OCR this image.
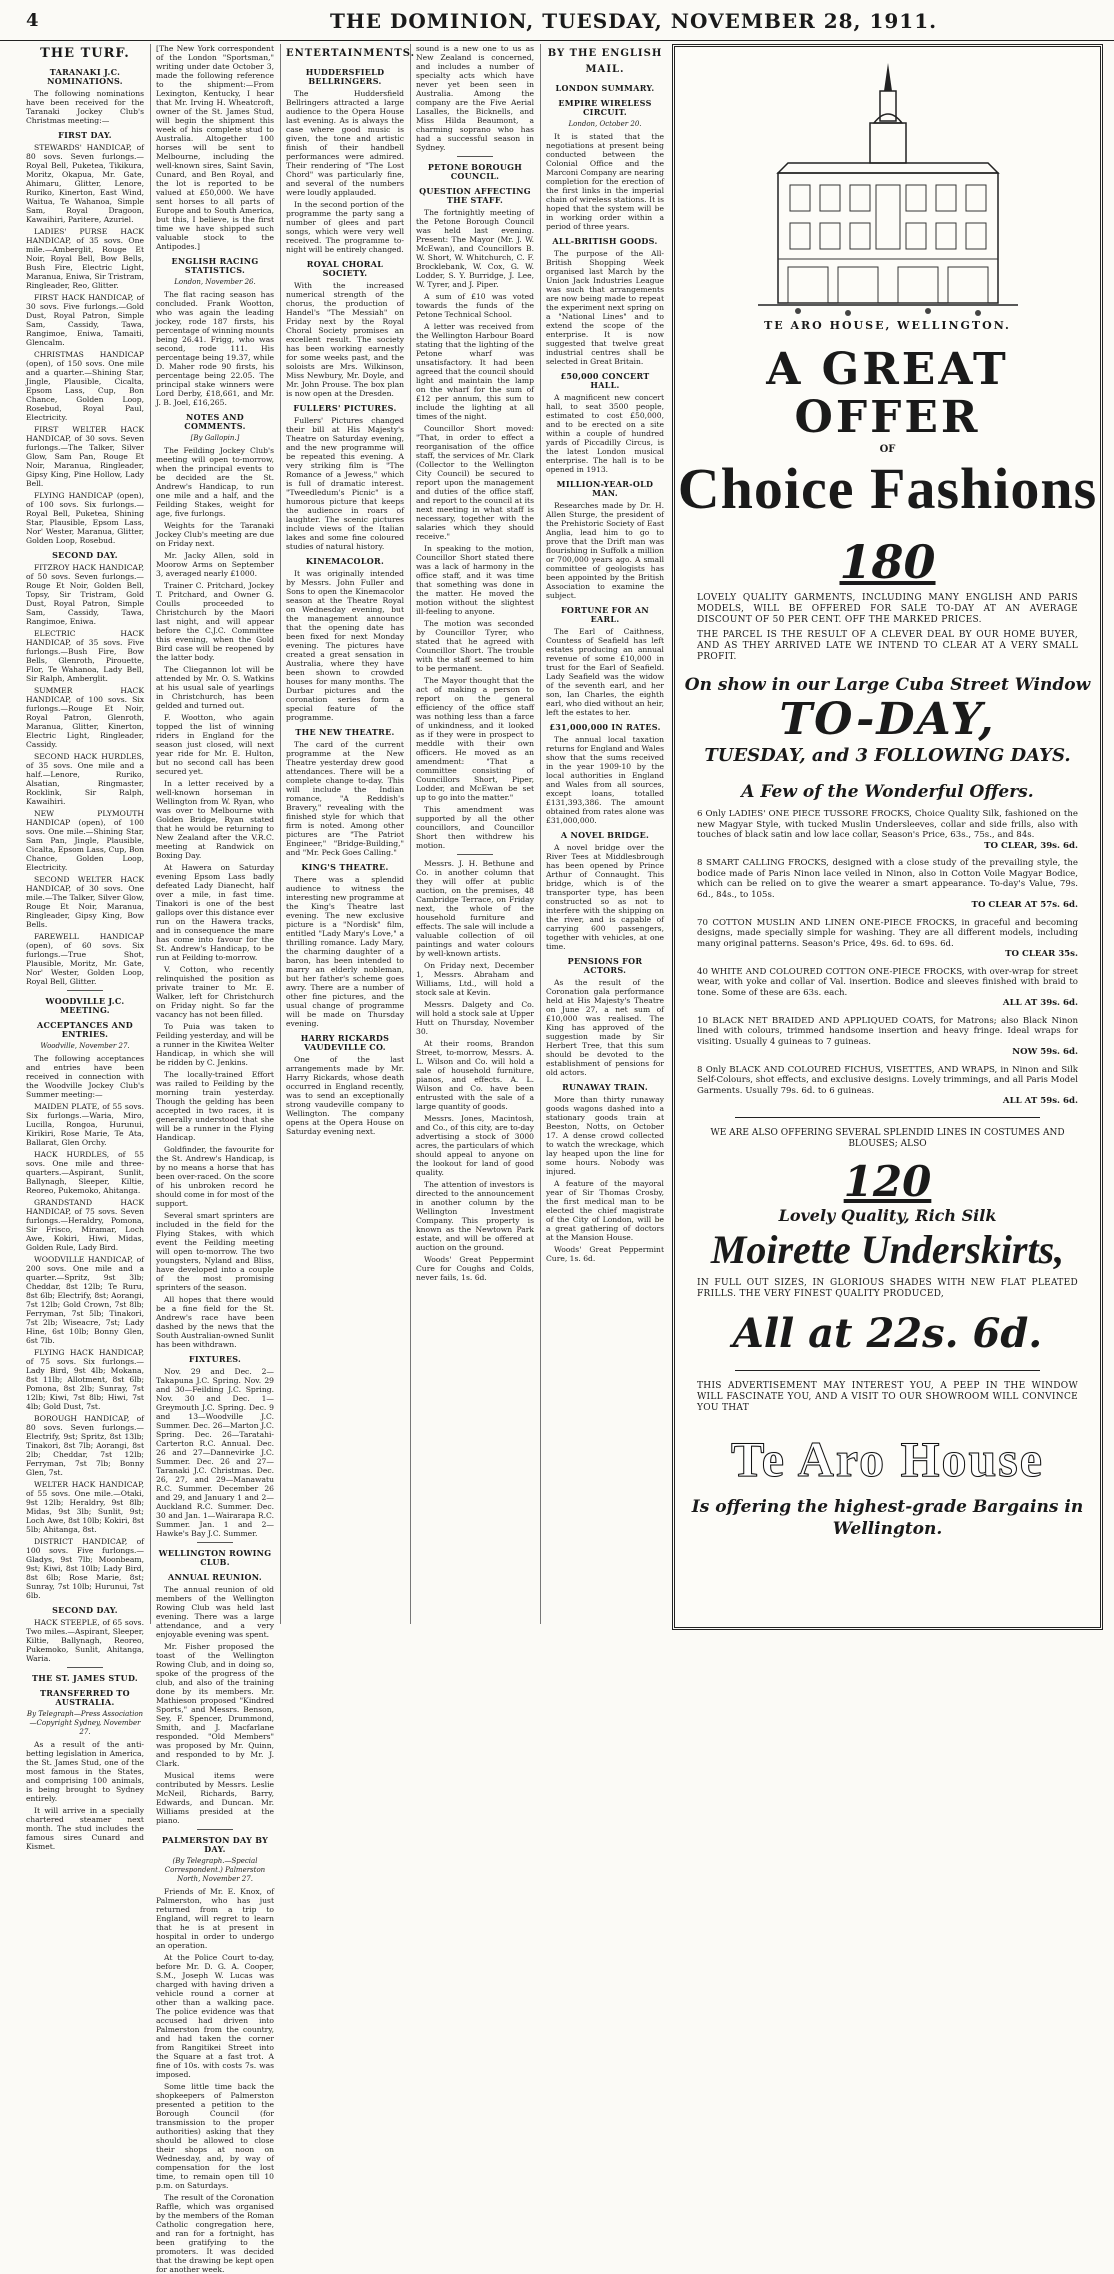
4	THE DOMINION, TUESDAY, NOVEMBER 28, 1911.
THE TURF.
TARANAKI J.C. NOMINATIONS.

The following nominations have been received for the Taranaki Jockey Club's Christmas meeting:—

FIRST DAY.

STEWARDS' HANDICAP, of 80 sovs. Seven furlongs.—Royal Bell, Puketea, Tikikura, Moritz, Okapua, Mr. Gate, Ahimaru, Glitter, Lenore, Ruriko, Kinerton, East Wind, Waitua, Te Wahanoa, Simple Sam, Royal Dragoon, Kawaihiri, Paritere, Azuriel.

LADIES' PURSE HACK HANDICAP, of 35 sovs. One mile.—Amberglit, Rouge Et Noir, Royal Bell, Bow Bells, Bush Fire, Electric Light, Maranua, Eniwa, Sir Tristram, Ringleader, Reo, Glitter.

FIRST HACK HANDICAP, of 30 sovs. Five furlongs.—Gold Dust, Royal Patron, Simple Sam, Cassidy, Tawa, Rangimoe, Eniwa, Tamaiti, Glencalm.

CHRISTMAS HANDICAP (open), of 150 sovs. One mile and a quarter.—Shining Star, Jingle, Plausible, Cicalta, Epsom Lass, Cup, Bon Chance, Golden Loop, Rosebud, Royal Paul, Electricity.

FIRST WELTER HACK HANDICAP, of 30 sovs. Seven furlongs.—The Talker, Silver Glow, Sam Pan, Rouge Et Noir, Maranua, Ringleader, Gipsy King, Pine Hollow, Lady Bell.

FLYING HANDICAP (open), of 100 sovs. Six furlongs.—Royal Bell, Puketea, Shining Star, Plausible, Epsom Lass, Nor' Wester, Maranua, Glitter, Golden Loop, Rosebud.

SECOND DAY.

FITZROY HACK HANDICAP, of 50 sovs. Seven furlongs.—Rouge Et Noir, Golden Bell, Topsy, Sir Tristram, Gold Dust, Royal Patron, Simple Sam, Cassidy, Tawa, Rangimoe, Eniwa.

ELECTRIC HACK HANDICAP, of 35 sovs. Five furlongs.—Bush Fire, Bow Bells, Glenroth, Pirouette, Flor, Te Wahanoa, Lady Bell, Sir Ralph, Amberglit.

SUMMER HACK HANDICAP, of 100 sovs. Six furlongs.—Rouge Et Noir, Royal Patron, Glenroth, Maranua, Glitter, Kinerton, Electric Light, Ringleader, Cassidy.

SECOND HACK HURDLES, of 35 sovs. One mile and a half.—Lenore, Ruriko, Alsatian, Ringmaster, Rocklink, Sir Ralph, Kawaihiri.

NEW PLYMOUTH HANDICAP (open), of 100 sovs. One mile.—Shining Star, Sam Pan, Jingle, Plausible, Cicalta, Epsom Lass, Cup, Bon Chance, Golden Loop, Electricity.

SECOND WELTER HACK HANDICAP, of 30 sovs. One mile.—The Talker, Silver Glow, Rouge Et Noir, Maranua, Ringleader, Gipsy King, Bow Bells.

FAREWELL HANDICAP (open), of 60 sovs. Six furlongs.—True Shot, Plausible, Moritz, Mr. Gate, Nor' Wester, Golden Loop, Royal Bell, Glitter.

WOODVILLE J.C. MEETING.
ACCEPTANCES AND ENTRIES.
Woodville, November 27.

The following acceptances and entries have been received in connection with the Woodville Jockey Club's Summer meeting:—

MAIDEN PLATE, of 55 sovs. Six furlongs.—Waria, Miro, Lucilla, Rongoa, Hurunui, Kirikiri, Rose Marie, Te Ata, Ballarat, Glen Orchy.

HACK HURDLES, of 55 sovs. One mile and three-quarters.—Aspirant, Sunlit, Ballynagh, Sleeper, Kiltie, Reoreo, Pukemoko, Ahitanga.

GRANDSTAND HACK HANDICAP, of 75 sovs. Seven furlongs.—Heraldry, Pomona, Sir Frisco, Miramar, Loch Awe, Kokiri, Hiwi, Midas, Golden Rule, Lady Bird.

WOODVILLE HANDICAP, of 200 sovs. One mile and a quarter.—Spritz, 9st 3lb; Cheddar, 8st 12lb; Te Ruru, 8st 6lb; Electrify, 8st; Aorangi, 7st 12lb; Gold Crown, 7st 8lb; Ferryman, 7st 5lb; Tinakori, 7st 2lb; Wiseacre, 7st; Lady Hine, 6st 10lb; Bonny Glen, 6st 7lb.

FLYING HACK HANDICAP, of 75 sovs. Six furlongs.—Lady Bird, 9st 4lb; Mokana, 8st 11lb; Allotment, 8st 6lb; Pomona, 8st 2lb; Sunray, 7st 12lb; Kiwi, 7st 8lb; Hiwi, 7st 4lb; Gold Dust, 7st.

BOROUGH HANDICAP, of 80 sovs. Seven furlongs.—Electrify, 9st; Spritz, 8st 13lb; Tinakori, 8st 7lb; Aorangi, 8st 2lb; Cheddar, 7st 12lb; Ferryman, 7st 7lb; Bonny Glen, 7st.

WELTER HACK HANDICAP, of 55 sovs. One mile.—Otaki, 9st 12lb; Heraldry, 9st 8lb; Midas, 9st 3lb; Sunlit, 9st; Loch Awe, 8st 10lb; Kokiri, 8st 5lb; Ahitanga, 8st.

DISTRICT HANDICAP, of 100 sovs. Five furlongs.—Gladys, 9st 7lb; Moonbeam, 9st; Kiwi, 8st 10lb; Lady Bird, 8st 6lb; Rose Marie, 8st; Sunray, 7st 10lb; Hurunui, 7st 6lb.

SECOND DAY.

HACK STEEPLE, of 65 sovs. Two miles.—Aspirant, Sleeper, Kiltie, Ballynagh, Reoreo, Pukemoko, Sunlit, Ahitanga, Waria.

THE ST. JAMES STUD.
TRANSFERRED TO AUSTRALIA.
By Telegraph—Press Association—Copyright Sydney, November 27.

As a result of the anti-betting legislation in America, the St. James Stud, one of the most famous in the States, and comprising 100 animals, is being brought to Sydney entirely.

It will arrive in a specially chartered steamer next month. The stud includes the famous sires Cunard and Kismet.

[The New York correspondent of the London "Sportsman," writing under date October 3, made the following reference to the shipment:—From Lexington, Kentucky, I hear that Mr. Irving H. Wheatcroft, owner of the St. James Stud, will begin the shipment this week of his complete stud to Australia. Altogether 100 horses will be sent to Melbourne, including the well-known sires, Saint Savin, Cunard, and Ben Royal, and the lot is reported to be valued at £50,000. We have sent horses to all parts of Europe and to South America, but this, I believe, is the first time we have shipped such valuable stock to the Antipodes.]

ENGLISH RACING STATISTICS.
London, November 26.

The flat racing season has concluded. Frank Wootton, who was again the leading jockey, rode 187 firsts, his percentage of winning mounts being 26.41. Frigg, who was second, rode 111. His percentage being 19.37, while D. Maher rode 90 firsts, his percentage being 22.05. The principal stake winners were Lord Derby, £18,661, and Mr. J. B. Joel, £16,265.

NOTES AND COMMENTS.
[By Gallopin.]

The Feilding Jockey Club's meeting will open to-morrow, when the principal events to be decided are the St. Andrew's Handicap, to run one mile and a half, and the Feilding Stakes, weight for age, five furlongs.

Weights for the Taranaki Jockey Club's meeting are due on Friday next.

Mr. Jacky Allen, sold in Moorow Arms on September 3, averaged nearly £1000.

Trainer C. Pritchard, Jockey T. Pritchard, and Owner G. Coulls proceeded to Christchurch by the Maori last night, and will appear before the C.J.C. Committee this evening, when the Gold Bird case will be reopened by the latter body.

The Cliegannon lot will be attended by Mr. O. S. Watkins at his usual sale of yearlings in Christchurch, has been gelded and turned out.

F. Wootton, who again topped the list of winning riders in England for the season just closed, will next year ride for Mr. E. Hulton, but no second call has been secured yet.

In a letter received by a well-known horseman in Wellington from W. Ryan, who was over to Melbourne with Golden Bridge, Ryan stated that he would be returning to New Zealand after the V.R.C. meeting at Randwick on Boxing Day.

At Hawera on Saturday evening Epsom Lass badly defeated Lady Dianecht, half over a mile, in fast time. Tinakori is one of the best gallops over this distance ever run on the Hawera tracks, and in consequence the mare has come into favour for the St. Andrew's Handicap, to be run at Feilding to-morrow.

V. Cotton, who recently relinquished the position as private trainer to Mr. E. Walker, left for Christchurch on Friday night. So far the vacancy has not been filled.

To Puia was taken to Feilding yesterday, and will be a runner in the Kiwitea Welter Handicap, in which she will be ridden by C. Jenkins.

The locally-trained Effort was railed to Feilding by the morning train yesterday. Though the gelding has been accepted in two races, it is generally understood that she will be a runner in the Flying Handicap.

Goldfinder, the favourite for the St. Andrew's Handicap, is by no means a horse that has been over-raced. On the score of his unbroken record he should come in for most of the support.

Several smart sprinters are included in the field for the Flying Stakes, with which event the Feilding meeting will open to-morrow. The two youngsters, Nyland and Bliss, have developed into a couple of the most promising sprinters of the season.

All hopes that there would be a fine field for the St. Andrew's race have been dashed by the news that the South Australian-owned Sunlit has been withdrawn.

FIXTURES.

Nov. 29 and Dec. 2—Takapuna J.C. Spring. Nov. 29 and 30—Feilding J.C. Spring. Nov. 30 and Dec. 1—Greymouth J.C. Spring. Dec. 9 and 13—Woodville J.C. Summer. Dec. 26—Marton J.C. Spring. Dec. 26—Taratahi-Carterton R.C. Annual. Dec. 26 and 27—Dannevirke J.C. Summer. Dec. 26 and 27—Taranaki J.C. Christmas. Dec. 26, 27, and 29—Manawatu R.C. Summer. December 26 and 29, and January 1 and 2—Auckland R.C. Summer. Dec. 30 and Jan. 1—Wairarapa R.C. Summer. Jan. 1 and 2—Hawke's Bay J.C. Summer.

WELLINGTON ROWING CLUB.
ANNUAL REUNION.

The annual reunion of old members of the Wellington Rowing Club was held last evening. There was a large attendance, and a very enjoyable evening was spent.

Mr. Fisher proposed the toast of the Wellington Rowing Club, and in doing so, spoke of the progress of the club, and also of the training done by its members. Mr. Mathieson proposed "Kindred Sports," and Messrs. Benson, Sey, F. Spencer, Drummond, Smith, and J. Macfarlane responded. "Old Members" was proposed by Mr. Quinn, and responded to by Mr. J. Clark.

Musical items were contributed by Messrs. Leslie McNeil, Richards, Barry, Edwards, and Duncan. Mr. Williams presided at the piano.

PALMERSTON DAY BY DAY.
(By Telegraph.—Special Correspondent.) Palmerston North, November 27.

Friends of Mr. E. Knox, of Palmerston, who has just returned from a trip to England, will regret to learn that he is at present in hospital in order to undergo an operation.

At the Police Court to-day, before Mr. D. G. A. Cooper, S.M., Joseph W. Lucas was charged with having driven a vehicle round a corner at other than a walking pace. The police evidence was that accused had driven into Palmerston from the country, and had taken the corner from Rangitikei Street into the Square at a fast trot. A fine of 10s. with costs 7s. was imposed.

Some little time back the shopkeepers of Palmerston presented a petition to the Borough Council (for transmission to the proper authorities) asking that they should be allowed to close their shops at noon on Wednesday, and, by way of compensation for the lost time, to remain open till 10 p.m. on Saturdays.

The result of the Coronation Raffle, which was organised by the members of the Roman Catholic congregation here, and ran for a fortnight, has been gratifying to the promoters. It was decided that the drawing be kept open for another week.

ENTERTAINMENTS.
HUDDERSFIELD BELLRINGERS.

The Huddersfield Bellringers attracted a large audience to the Opera House last evening. As is always the case where good music is given, the tone and artistic finish of their handbell performances were admired. Their rendering of "The Lost Chord" was particularly fine, and several of the numbers were loudly applauded.

In the second portion of the programme the party sang a number of glees and part songs, which were very well received. The programme to-night will be entirely changed.

ROYAL CHORAL SOCIETY.

With the increased numerical strength of the chorus, the production of Handel's "The Messiah" on Friday next by the Royal Choral Society promises an excellent result. The society has been working earnestly for some weeks past, and the soloists are Mrs. Wilkinson, Miss Newbury, Mr. Doyle, and Mr. John Prouse. The box plan is now open at the Dresden.

FULLERS' PICTURES.

Fullers' Pictures changed their bill at His Majesty's Theatre on Saturday evening, and the new programme will be repeated this evening. A very striking film is "The Romance of a Jewess," which is full of dramatic interest. "Tweedledum's Picnic" is a humorous picture that keeps the audience in roars of laughter. The scenic pictures include views of the Italian lakes and some fine coloured studies of natural history.

KINEMACOLOR.

It was originally intended by Messrs. John Fuller and Sons to open the Kinemacolor season at the Theatre Royal on Wednesday evening, but the management announce that the opening date has been fixed for next Monday evening. The pictures have created a great sensation in Australia, where they have been shown to crowded houses for many months. The Durbar pictures and the coronation series form a special feature of the programme.

THE NEW THEATRE.

The card of the current programme at the New Theatre yesterday drew good attendances. There will be a complete change to-day. This will include the Indian romance, "A Reddish's Bravery," revealing with the finished style for which that firm is noted. Among other pictures are "The Patriot Engineer," "Bridge-Building," and "Mr. Peck Goes Calling."

KING'S THEATRE.

There was a splendid audience to witness the interesting new programme at the King's Theatre last evening. The new exclusive picture is a "Nordisk" film, entitled "Lady Mary's Love," a thrilling romance. Lady Mary, the charming daughter of a baron, has been intended to marry an elderly nobleman, but her father's scheme goes awry. There are a number of other fine pictures, and the usual change of programme will be made on Thursday evening.

HARRY RICKARDS VAUDEVILLE CO.

One of the last arrangements made by Mr. Harry Rickards, whose death occurred in England recently, was to send an exceptionally strong vaudeville company to Wellington. The company opens at the Opera House on Saturday evening next.

sound is a new one to us as New Zealand is concerned, and includes a number of specialty acts which have never yet been seen in Australia. Among the company are the Five Aerial Lasalles, the Bicknells, and Miss Hilda Beaumont, a charming soprano who has had a successful season in Sydney.

PETONE BOROUGH COUNCIL.
QUESTION AFFECTING THE STAFF.

The fortnightly meeting of the Petone Borough Council was held last evening. Present: The Mayor (Mr. J. W. McEwan), and Councillors B. W. Short, W. Whitchurch, C. F. Brocklebank, W. Cox, G. W. Lodder, S. Y. Burridge, J. Lee, W. Tyrer, and J. Piper.

A sum of £10 was voted towards the funds of the Petone Technical School.

A letter was received from the Wellington Harbour Board stating that the lighting of the Petone wharf was unsatisfactory. It had been agreed that the council should light and maintain the lamp on the wharf for the sum of £12 per annum, this sum to include the lighting at all times of the night.

Councillor Short moved: "That, in order to effect a reorganisation of the office staff, the services of Mr. Clark (Collector to the Wellington City Council) be secured to report upon the management and duties of the office staff, and report to the council at its next meeting in what staff is necessary, together with the salaries which they should receive."

In speaking to the motion, Councillor Short stated there was a lack of harmony in the office staff, and it was time that something was done in the matter. He moved the motion without the slightest ill-feeling to anyone.

The motion was seconded by Councillor Tyrer, who stated that he agreed with Councillor Short. The trouble with the staff seemed to him to be permanent.

The Mayor thought that the act of making a person to report on the general efficiency of the office staff was nothing less than a farce of unkindness, and it looked as if they were in prospect to meddle with their own officers. He moved as an amendment: "That a committee consisting of Councillors Short, Piper, Lodder, and McEwan be set up to go into the matter."

This amendment was supported by all the other councillors, and Councillor Short then withdrew his motion.

Messrs. J. H. Bethune and Co. in another column that they will offer at public auction, on the premises, 48 Cambridge Terrace, on Friday next, the whole of the household furniture and effects. The sale will include a valuable collection of oil paintings and water colours by well-known artists.

On Friday next, December 1, Messrs. Abraham and Williams, Ltd., will hold a stock sale at Kevin.

Messrs. Dalgety and Co. will hold a stock sale at Upper Hutt on Thursday, November 30.

At their rooms, Brandon Street, to-morrow, Messrs. A. L. Wilson and Co. will hold a sale of household furniture, pianos, and effects. A. L. Wilson and Co. have been entrusted with the sale of a large quantity of goods.

Messrs. Jones, Macintosh, and Co., of this city, are to-day advertising a stock of 3000 acres, the particulars of which should appeal to anyone on the lookout for land of good quality.

The attention of investors is directed to the announcement in another column by the Wellington Investment Company. This property is known as the Newtown Park estate, and will be offered at auction on the ground.

Woods' Great Peppermint Cure for Coughs and Colds, never fails, 1s. 6d.

BY THE ENGLISH MAIL.
LONDON SUMMARY.
EMPIRE WIRELESS CIRCUIT.
London, October 20.

It is stated that the negotiations at present being conducted between the Colonial Office and the Marconi Company are nearing completion for the erection of the first links in the imperial chain of wireless stations. It is hoped that the system will be in working order within a period of three years.

ALL-BRITISH GOODS.

The purpose of the All-British Shopping Week organised last March by the Union Jack Industries League was such that arrangements are now being made to repeat the experiment next spring on a "National Lines" and to extend the scope of the enterprise. It is now suggested that twelve great industrial centres shall be selected in Great Britain.

£50,000 CONCERT HALL.

A magnificent new concert hall, to seat 3500 people, estimated to cost £50,000, and to be erected on a site within a couple of hundred yards of Piccadilly Circus, is the latest London musical enterprise. The hall is to be opened in 1913.

MILLION-YEAR-OLD MAN.

Researches made by Dr. H. Allen Sturge, the president of the Prehistoric Society of East Anglia, lead him to go to prove that the Drift man was flourishing in Suffolk a million or 700,000 years ago. A small committee of geologists has been appointed by the British Association to examine the subject.

FORTUNE FOR AN EARL.

The Earl of Caithness, Countess of Seafield has left estates producing an annual revenue of some £10,000 in trust for the Earl of Seafield. Lady Seafield was the widow of the seventh earl, and her son, Ian Charles, the eighth earl, who died without an heir, left the estates to her.

£31,000,000 IN RATES.

The annual local taxation returns for England and Wales show that the sums received in the year 1909-10 by the local authorities in England and Wales from all sources, except loans, totalled £131,393,386. The amount obtained from rates alone was £31,000,000.

A NOVEL BRIDGE.

A novel bridge over the River Tees at Middlesbrough has been opened by Prince Arthur of Connaught. This bridge, which is of the transporter type, has been constructed so as not to interfere with the shipping on the river, and is capable of carrying 600 passengers, together with vehicles, at one time.

PENSIONS FOR ACTORS.

As the result of the Coronation gala performance held at His Majesty's Theatre on June 27, a net sum of £10,000 was realised. The King has approved of the suggestion made by Sir Herbert Tree, that this sum should be devoted to the establishment of pensions for old actors.

RUNAWAY TRAIN.

More than thirty runaway goods wagons dashed into a stationary goods train at Beeston, Notts, on October 17. A dense crowd collected to watch the wreckage, which lay heaped upon the line for some hours. Nobody was injured.

A feature of the mayoral year of Sir Thomas Crosby, the first medical man to be elected the chief magistrate of the City of London, will be a great gathering of doctors at the Mansion House.

Woods' Great Peppermint Cure, 1s. 6d.

TE ARO HOUSE, WELLINGTON.
A GREAT OFFER
OF
Choice Fashions
180
LOVELY QUALITY GARMENTS, INCLUDING MANY ENGLISH AND PARIS MODELS, WILL BE OFFERED FOR SALE TO-DAY AT AN AVERAGE DISCOUNT OF 50 PER CENT. OFF THE MARKED PRICES.
THE PARCEL IS THE RESULT OF A CLEVER DEAL BY OUR HOME BUYER, AND AS THEY ARRIVED LATE WE INTEND TO CLEAR AT A VERY SMALL PROFIT.
On show in our Large Cuba Street Window
TO-DAY,
TUESDAY, and 3 FOLLOWING DAYS.
A Few of the Wonderful Offers.
6 Only LADIES' ONE PIECE TUSSORE FROCKS, Choice Quality Silk, fashioned on the new Magyar Style, with tucked Muslin Undersleeves, collar and side frills, also with touches of black satin and low lace collar, Season's Price, 63s., 75s., and 84s.
TO CLEAR, 39s. 6d.
8 SMART CALLING FROCKS, designed with a close study of the prevailing style, the bodice made of Paris Ninon lace veiled in Ninon, also in Cotton Voile Magyar Bodice, which can be relied on to give the wearer a smart appearance. To-day's Value, 79s. 6d., 84s., to 105s.
TO CLEAR AT 57s. 6d.
70 COTTON MUSLIN AND LINEN ONE-PIECE FROCKS, in graceful and becoming designs, made specially simple for washing. They are all different models, including many original patterns. Season's Price, 49s. 6d. to 69s. 6d.
TO CLEAR 35s.
40 WHITE AND COLOURED COTTON ONE-PIECE FROCKS, with over-wrap for street wear, with yoke and collar of Val. insertion. Bodice and sleeves finished with braid to tone. Some of these are 63s. each.
ALL AT 39s. 6d.
10 BLACK NET BRAIDED AND APPLIQUED COATS, for Matrons; also Black Ninon lined with colours, trimmed handsome insertion and heavy fringe. Ideal wraps for visiting. Usually 4 guineas to 7 guineas.
NOW 59s. 6d.
8 Only BLACK AND COLOURED FICHUS, VISETTES, AND WRAPS, in Ninon and Silk Self-Colours, shot effects, and exclusive designs. Lovely trimmings, and all Paris Model Garments. Usually 79s. 6d. to 6 guineas.
ALL AT 59s. 6d.
WE ARE ALSO OFFERING SEVERAL SPLENDID LINES IN COSTUMES AND BLOUSES; ALSO
120
Lovely Quality, Rich Silk
Moirette Underskirts,
IN FULL OUT SIZES, IN GLORIOUS SHADES WITH NEW FLAT PLEATED FRILLS. THE VERY FINEST QUALITY PRODUCED,
All at 22s. 6d.
THIS ADVERTISEMENT MAY INTEREST YOU, A PEEP IN THE WINDOW WILL FASCINATE YOU, AND A VISIT TO OUR SHOWROOM WILL CONVINCE YOU THAT
Te Aro House
Is offering the highest-grade Bargains in Wellington.
